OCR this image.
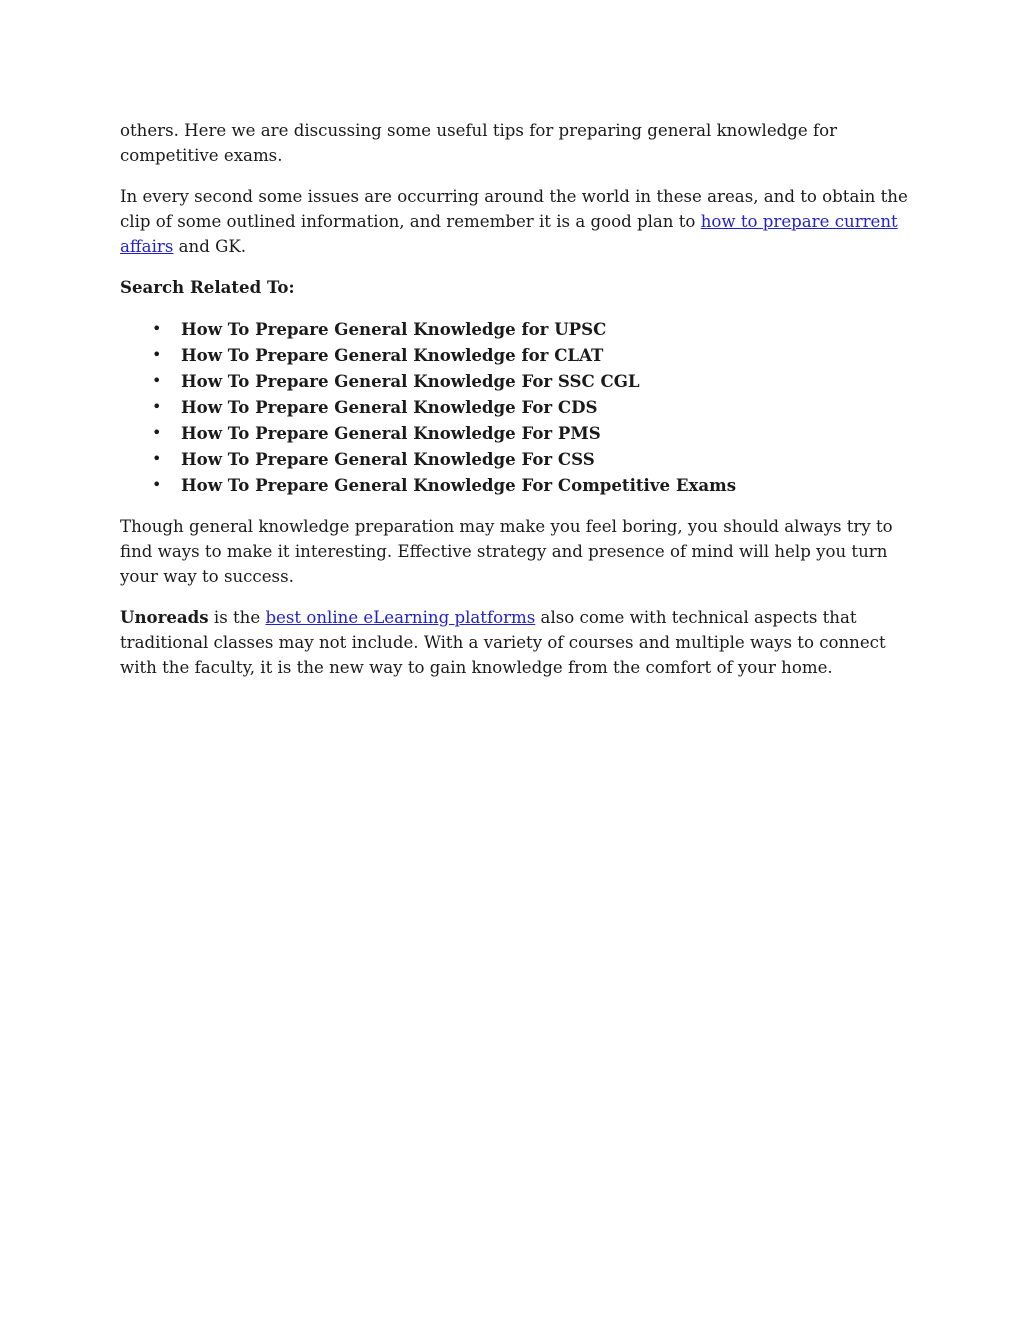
others. Here we are discussing some useful tips for preparing general knowledge for competitive exams.

In every second some issues are occurring around the world in these areas, and to obtain the clip of some outlined information, and remember it is a good plan to how to prepare current affairs and GK.

Search Related To:

• How To Prepare General Knowledge for UPSC
• How To Prepare General Knowledge for CLAT
• How To Prepare General Knowledge For SSC CGL
• How To Prepare General Knowledge For CDS
• How To Prepare General Knowledge For PMS
• How To Prepare General Knowledge For CSS
• How To Prepare General Knowledge For Competitive Exams

Though general knowledge preparation may make you feel boring, you should always try to find ways to make it interesting. Effective strategy and presence of mind will help you turn your way to success.

Unoreads is the best online eLearning platforms also come with technical aspects that traditional classes may not include. With a variety of courses and multiple ways to connect with the faculty, it is the new way to gain knowledge from the comfort of your home.
